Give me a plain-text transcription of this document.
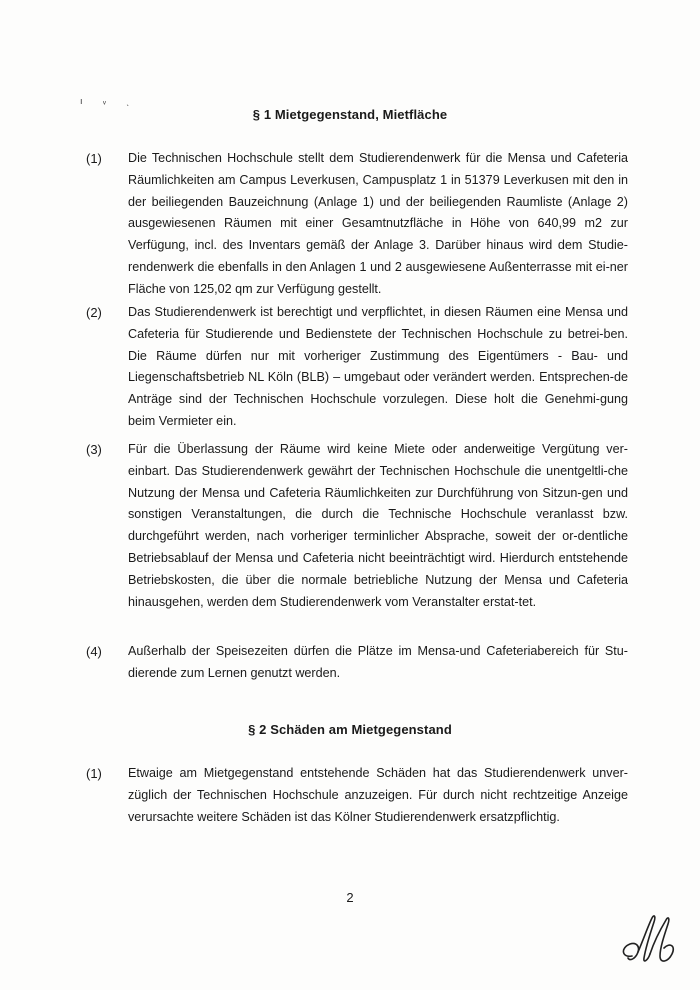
ı ᵥ ˎ
§ 1 Mietgegenstand, Mietfläche
(1) Die Technischen Hochschule stellt dem Studierendenwerk für die Mensa und Cafeteria Räumlichkeiten am Campus Leverkusen, Campusplatz 1 in 51379 Leverkusen mit den in der beiliegenden Bauzeichnung (Anlage 1) und der beiliegenden Raumliste (Anlage 2) ausgewiesenen Räumen mit einer Gesamtnutzfläche in Höhe von 640,99 m2 zur Verfügung, incl. des Inventars gemäß der Anlage 3. Darüber hinaus wird dem Studie-rendenwerk die ebenfalls in den Anlagen 1 und 2 ausgewiesene Außenterrasse mit ei-ner Fläche von 125,02 qm zur Verfügung gestellt.
(2) Das Studierendenwerk ist berechtigt und verpflichtet, in diesen Räumen eine Mensa und Cafeteria für Studierende und Bedienstete der Technischen Hochschule zu betrei-ben. Die Räume dürfen nur mit vorheriger Zustimmung des Eigentümers - Bau- und Liegenschaftsbetrieb NL Köln (BLB) – umgebaut oder verändert werden. Entsprechen-de Anträge sind der Technischen Hochschule vorzulegen. Diese holt die Genehmi-gung beim Vermieter ein.
(3) Für die Überlassung der Räume wird keine Miete oder anderweitige Vergütung ver-einbart. Das Studierendenwerk gewährt der Technischen Hochschule die unentgeltli-che Nutzung der Mensa und Cafeteria Räumlichkeiten zur Durchführung von Sitzun-gen und sonstigen Veranstaltungen, die durch die Technische Hochschule veranlasst bzw. durchgeführt werden, nach vorheriger terminlicher Absprache, soweit der or-dentliche Betriebsablauf der Mensa und Cafeteria nicht beeinträchtigt wird. Hierdurch entstehende Betriebskosten, die über die normale betriebliche Nutzung der Mensa und Cafeteria hinausgehen, werden dem Studierendenwerk vom Veranstalter erstat-tet.
(4) Außerhalb der Speisezeiten dürfen die Plätze im Mensa-und Cafeteriabereich für Stu-dierende zum Lernen genutzt werden.
§ 2 Schäden am Mietgegenstand
(1) Etwaige am Mietgegenstand entstehende Schäden hat das Studierendenwerk unver-züglich der Technischen Hochschule anzuzeigen. Für durch nicht rechtzeitige Anzeige verursachte weitere Schäden ist das Kölner Studierendenwerk ersatzpflichtig.
2
